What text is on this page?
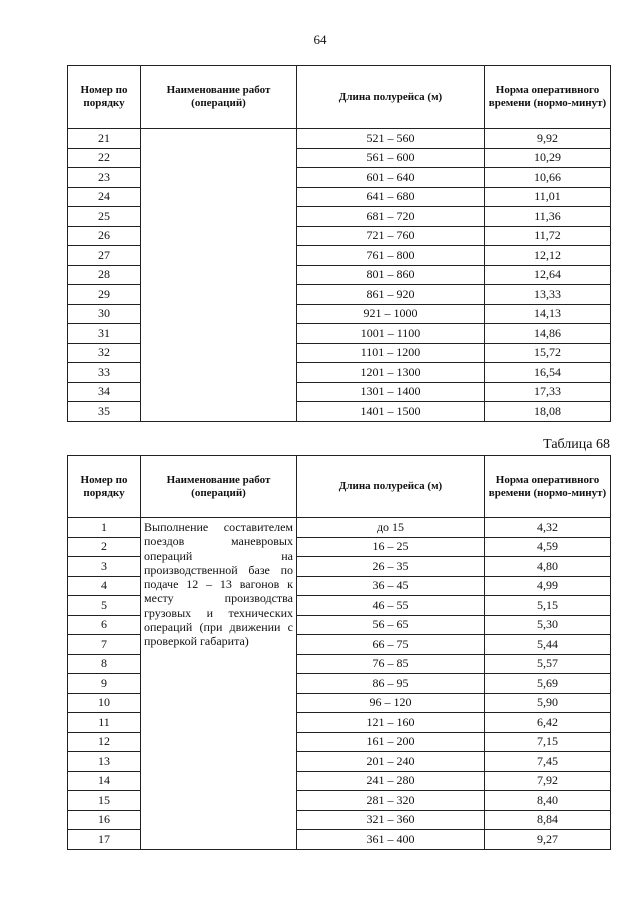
64
Номер по порядку	Наименование работ (операций)	Длина полурейса (м)	Норма оперативного времени (нормо-минут)
21		521 – 560	9,92
22		561 – 600	10,29
23		601 – 640	10,66
24		641 – 680	11,01
25		681 – 720	11,36
26		721 – 760	11,72
27		761 – 800	12,12
28		801 – 860	12,64
29		861 – 920	13,33
30		921 – 1000	14,13
31		1001 – 1100	14,86
32		1101 – 1200	15,72
33		1201 – 1300	16,54
34		1301 – 1400	17,33
35		1401 – 1500	18,08
Таблица 68
Номер по порядку	Наименование работ (операций)	Длина полурейса (м)	Норма оперативного времени (нормо-минут)
1	Выполнение составителем поездов маневровых операций на производственной базе по подаче 12 – 13 вагонов к месту производства грузовых и технических операций (при движении с проверкой габарита)	до 15	4,32
2		16 – 25	4,59
3		26 – 35	4,80
4		36 – 45	4,99
5		46 – 55	5,15
6		56 – 65	5,30
7		66 – 75	5,44
8		76 – 85	5,57
9		86 – 95	5,69
10		96 – 120	5,90
11		121 – 160	6,42
12		161 – 200	7,15
13		201 – 240	7,45
14		241 – 280	7,92
15		281 – 320	8,40
16		321 – 360	8,84
17		361 – 400	9,27
